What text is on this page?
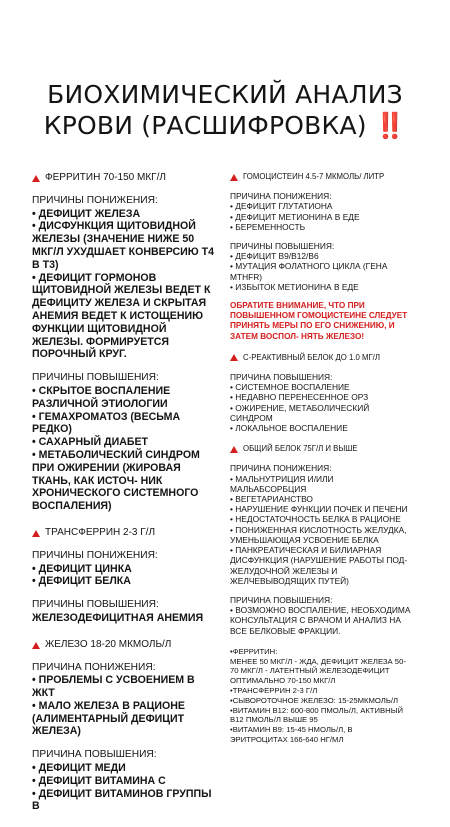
БИОХИМИЧЕСКИЙ АНАЛИЗ
КРОВИ (РАСШИФРОВКА) ‼️
ФЕРРИТИН 70-150 МКГ/Л
ПРИЧИНЫ ПОНИЖЕНИЯ:
• ДЕФИЦИТ ЖЕЛЕЗА
• ДИСФУНКЦИЯ ЩИТОВИДНОЙ ЖЕЛЕЗЫ (ЗНАЧЕНИЕ НИЖЕ 50 МКГ/Л УХУДШАЕТ КОНВЕРСИЮ Т4 В Т3)
• ДЕФИЦИТ ГОРМОНОВ ЩИТОВИДНОЙ ЖЕЛЕЗЫ ВЕДЕТ К ДЕФИЦИТУ ЖЕЛЕЗА И СКРЫТАЯ АНЕМИЯ ВЕДЕТ К ИСТОЩЕНИЮ ФУНКЦИИ ЩИТОВИДНОЙ ЖЕЛЕЗЫ. ФОРМИРУЕТСЯ ПОРОЧНЫЙ КРУГ.
ПРИЧИНЫ ПОВЫШЕНИЯ:
• СКРЫТОЕ ВОСПАЛЕНИЕ РАЗЛИЧНОЙ ЭТИОЛОГИИ
• ГЕМАХРОМАТОЗ (ВЕСЬМА РЕДКО)
• САХАРНЫЙ ДИАБЕТ
• МЕТАБОЛИЧЕСКИЙ СИНДРОМ ПРИ ОЖИРЕНИИ (ЖИРОВАЯ ТКАНЬ, КАК ИСТОЧ- НИК ХРОНИЧЕСКОГО СИСТЕМНОГО ВОСПАЛЕНИЯ)
ТРАНСФЕРРИН 2-3 Г/Л
ПРИЧИНЫ ПОНИЖЕНИЯ:
• ДЕФИЦИТ ЦИНКА
• ДЕФИЦИТ БЕЛКА
ПРИЧИНЫ ПОВЫШЕНИЯ:
ЖЕЛЕЗОДЕФИЦИТНАЯ АНЕМИЯ
ЖЕЛЕЗО 18-20 МКМОЛЬ/Л
ПРИЧИНА ПОНИЖЕНИЯ:
• ПРОБЛЕМЫ С УСВОЕНИЕМ В ЖКТ
• МАЛО ЖЕЛЕЗА В РАЦИОНЕ (АЛИМЕНТАРНЫЙ ДЕФИЦИТ ЖЕЛЕЗА)
ПРИЧИНА ПОВЫШЕНИЯ:
• ДЕФИЦИТ МЕДИ
• ДЕФИЦИТ ВИТАМИНА С
• ДЕФИЦИТ ВИТАМИНОВ ГРУППЫ В
ГОМОЦИСТЕИН 4.5-7 МКМОЛЬ/ ЛИТР
ПРИЧИНА ПОНИЖЕНИЯ:
• ДЕФИЦИТ ГЛУТАТИОНА
• ДЕФИЦИТ МЕТИОНИНА В ЕДЕ
• БЕРЕМЕННОСТЬ
ПРИЧИНЫ ПОВЫШЕНИЯ:
• ДЕФИЦИТ В9/В12/В6
• МУТАЦИЯ ФОЛАТНОГО ЦИКЛА (ГЕНА MTHFR)
• ИЗБЫТОК МЕТИОНИНА В ЕДЕ
ОБРАТИТЕ ВНИМАНИЕ, ЧТО ПРИ ПОВЫШЕННОМ ГОМОЦИСТЕИНЕ СЛЕДУЕТ ПРИНЯТЬ МЕРЫ ПО ЕГО СНИЖЕНИЮ, И ЗАТЕМ ВОСПОЛ- НЯТЬ ЖЕЛЕЗО!
С-РЕАКТИВНЫЙ БЕЛОК ДО 1.0 МГ/Л
ПРИЧИНА ПОВЫШЕНИЯ:
• СИСТЕМНОЕ ВОСПАЛЕНИЕ
• НЕДАВНО ПЕРЕНЕСЕННОЕ ОРЗ
• ОЖИРЕНИЕ, МЕТАБОЛИЧЕСКИЙ СИНДРОМ
• ЛОКАЛЬНОЕ ВОСПАЛЕНИЕ
ОБЩИЙ БЕЛОК 75Г/Л И ВЫШЕ
ПРИЧИНА ПОНИЖЕНИЯ:
• МАЛЬНУТРИЦИЯ И/ИЛИ МАЛЬАБСОРБЦИЯ
• ВЕГЕТАРИАНСТВО
• НАРУШЕНИЕ ФУНКЦИИ ПОЧЕК И ПЕЧЕНИ
• НЕДОСТАТОЧНОСТЬ БЕЛКА В РАЦИОНЕ
• ПОНИЖЕННАЯ КИСЛОТНОСТЬ ЖЕЛУДКА, УМЕНЬШАЮЩАЯ УСВОЕНИЕ БЕЛКА
• ПАНКРЕАТИЧЕСКАЯ И БИЛИАРНАЯ ДИСФУНКЦИЯ (НАРУШЕНИЕ РАБОТЫ ПОД-ЖЕЛУДОЧНОЙ ЖЕЛЕЗЫ И ЖЕЛЧЕВЫВОДЯЩИХ ПУТЕЙ)
ПРИЧИНА ПОВЫШЕНИЯ:
• ВОЗМОЖНО ВОСПАЛЕНИЕ, НЕОБХОДИМА КОНСУЛЬТАЦИЯ С ВРАЧОМ И АНАЛИЗ НА ВСЕ БЕЛКОВЫЕ ФРАКЦИИ.
•ФЕРРИТИН:
МЕНЕЕ 50 МКГ/Л - ЖДА, ДЕФИЦИТ ЖЕЛЕЗА 50-70 МКГ/Л - ЛАТЕНТНЫЙ ЖЕЛЕЗОДЕФИЦИТ ОПТИМАЛЬНО 70-150 МКГ/Л
•ТРАНСФЕРРИН 2-3 Г/Л
•СЫВОРОТОЧНОЕ ЖЕЛЕЗО: 15-25МКМОЛЬ/Л
•ВИТАМИН В12: 600-800 ПМОЛЬ/Л, АКТИВНЫЙ В12 ПМОЛЬ/Л ВЫШЕ 95
•ВИТАМИН В9: 15-45 НМОЛЬ/Л, В ЭРИТРОЦИТАХ 166-640 НГ/МЛ
